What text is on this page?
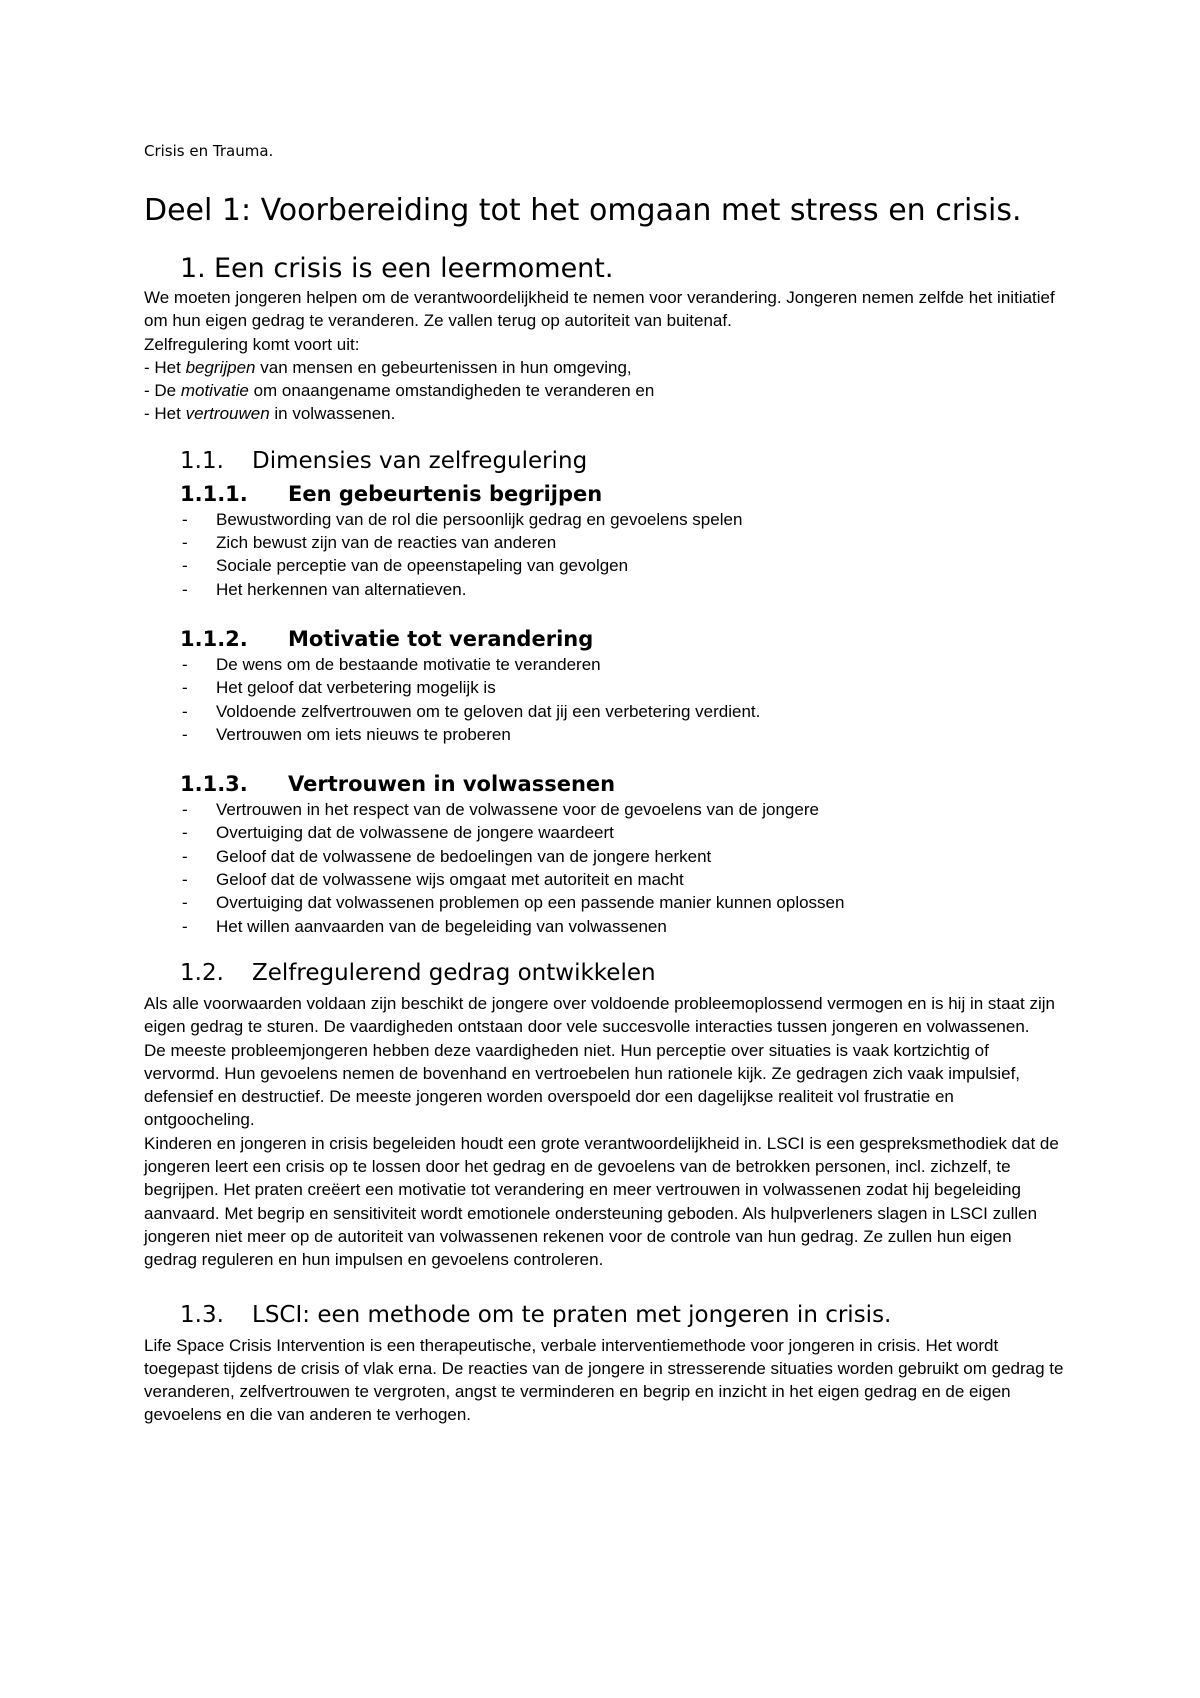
Crisis en Trauma.

Deel 1: Voorbereiding tot het omgaan met stress en crisis.
1. Een crisis is een leermoment.

We moeten jongeren helpen om de verantwoordelijkheid te nemen voor verandering. Jongeren nemen zelfde het initiatief om hun eigen gedrag te veranderen. Ze vallen terug op autoriteit van buitenaf.

Zelfregulering komt voort uit:

- Het begrijpen van mensen en gebeurtenissen in hun omgeving,

- De motivatie om onaangename omstandigheden te veranderen en

- Het vertrouwen in volwassenen.

1.1. Dimensies van zelfregulering
1.1.1. Een gebeurtenis begrijpen
- Bewustwording van de rol die persoonlijk gedrag en gevoelens spelen
- Zich bewust zijn van de reacties van anderen
- Sociale perceptie van de opeenstapeling van gevolgen
- Het herkennen van alternatieven.
1.1.2. Motivatie tot verandering
- De wens om de bestaande motivatie te veranderen
- Het geloof dat verbetering mogelijk is
- Voldoende zelfvertrouwen om te geloven dat jij een verbetering verdient.
- Vertrouwen om iets nieuws te proberen
1.1.3. Vertrouwen in volwassenen
- Vertrouwen in het respect van de volwassene voor de gevoelens van de jongere
- Overtuiging dat de volwassene de jongere waardeert
- Geloof dat de volwassene de bedoelingen van de jongere herkent
- Geloof dat de volwassene wijs omgaat met autoriteit en macht
- Overtuiging dat volwassenen problemen op een passende manier kunnen oplossen
- Het willen aanvaarden van de begeleiding van volwassenen
1.2. Zelfregulerend gedrag ontwikkelen

Als alle voorwaarden voldaan zijn beschikt de jongere over voldoende probleemoplossend vermogen en is hij in staat zijn eigen gedrag te sturen. De vaardigheden ontstaan door vele succesvolle interacties tussen jongeren en volwassenen.

De meeste probleemjongeren hebben deze vaardigheden niet. Hun perceptie over situaties is vaak kortzichtig of vervormd. Hun gevoelens nemen de bovenhand en vertroebelen hun rationele kijk. Ze gedragen zich vaak impulsief, defensief en destructief. De meeste jongeren worden overspoeld dor een dagelijkse realiteit vol frustratie en ontgoocheling.

Kinderen en jongeren in crisis begeleiden houdt een grote verantwoordelijkheid in. LSCI is een gespreksmethodiek dat de jongeren leert een crisis op te lossen door het gedrag en de gevoelens van de betrokken personen, incl. zichzelf, te begrijpen. Het praten creëert een motivatie tot verandering en meer vertrouwen in volwassenen zodat hij begeleiding aanvaard. Met begrip en sensitiviteit wordt emotionele ondersteuning geboden. Als hulpverleners slagen in LSCI zullen jongeren niet meer op de autoriteit van volwassenen rekenen voor de controle van hun gedrag. Ze zullen hun eigen gedrag reguleren en hun impulsen en gevoelens controleren.

1.3. LSCI: een methode om te praten met jongeren in crisis.

Life Space Crisis Intervention is een therapeutische, verbale interventiemethode voor jongeren in crisis. Het wordt toegepast tijdens de crisis of vlak erna. De reacties van de jongere in stresserende situaties worden gebruikt om gedrag te veranderen, zelfvertrouwen te vergroten, angst te verminderen en begrip en inzicht in het eigen gedrag en de eigen gevoelens en die van anderen te verhogen.
